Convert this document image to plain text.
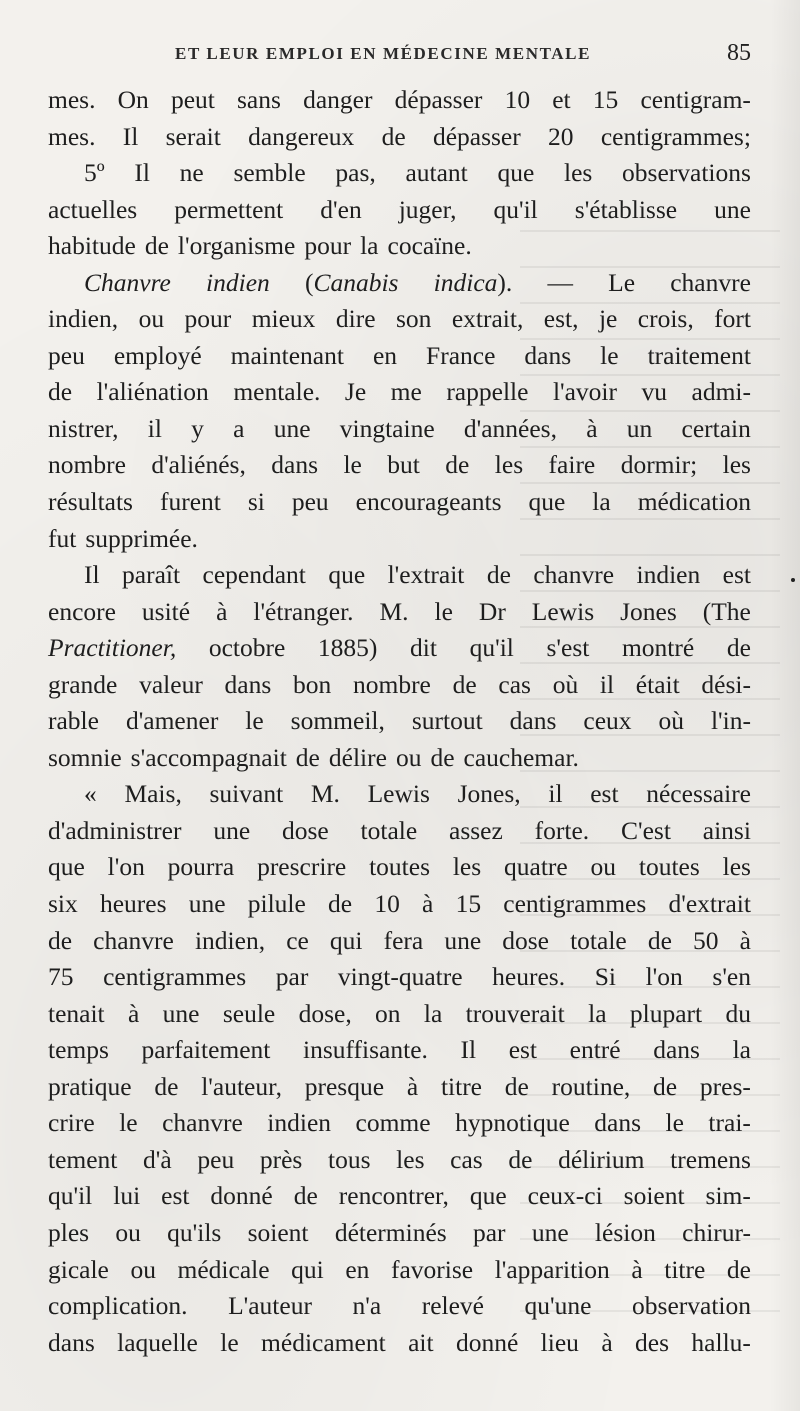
ET LEUR EMPLOI EN MÉDECINE MENTALE	85
mes. On peut sans danger dépasser 10 et 15 centigram-
mes. Il serait dangereux de dépasser 20 centigrammes;
5º Il ne semble pas, autant que les observations
actuelles permettent d'en juger, qu'il s'établisse une
habitude de l'organisme pour la cocaïne.
Chanvre indien (Canabis indica). — Le chanvre
indien, ou pour mieux dire son extrait, est, je crois, fort
peu employé maintenant en France dans le traitement
de l'aliénation mentale. Je me rappelle l'avoir vu admi-
nistrer, il y a une vingtaine d'années, à un certain
nombre d'aliénés, dans le but de les faire dormir; les
résultats furent si peu encourageants que la médication
fut supprimée.
Il paraît cependant que l'extrait de chanvre indien est
encore usité à l'étranger. M. le Dr Lewis Jones (The
Practitioner, octobre 1885) dit qu'il s'est montré de
grande valeur dans bon nombre de cas où il était dési-
rable d'amener le sommeil, surtout dans ceux où l'in-
somnie s'accompagnait de délire ou de cauchemar.
« Mais, suivant M. Lewis Jones, il est nécessaire
d'administrer une dose totale assez forte. C'est ainsi
que l'on pourra prescrire toutes les quatre ou toutes les
six heures une pilule de 10 à 15 centigrammes d'extrait
de chanvre indien, ce qui fera une dose totale de 50 à
75 centigrammes par vingt-quatre heures. Si l'on s'en
tenait à une seule dose, on la trouverait la plupart du
temps parfaitement insuffisante. Il est entré dans la
pratique de l'auteur, presque à titre de routine, de pres-
crire le chanvre indien comme hypnotique dans le trai-
tement d'à peu près tous les cas de délirium tremens
qu'il lui est donné de rencontrer, que ceux-ci soient sim-
ples ou qu'ils soient déterminés par une lésion chirur-
gicale ou médicale qui en favorise l'apparition à titre de
complication. L'auteur n'a relevé qu'une observation
dans laquelle le médicament ait donné lieu à des hallu-
